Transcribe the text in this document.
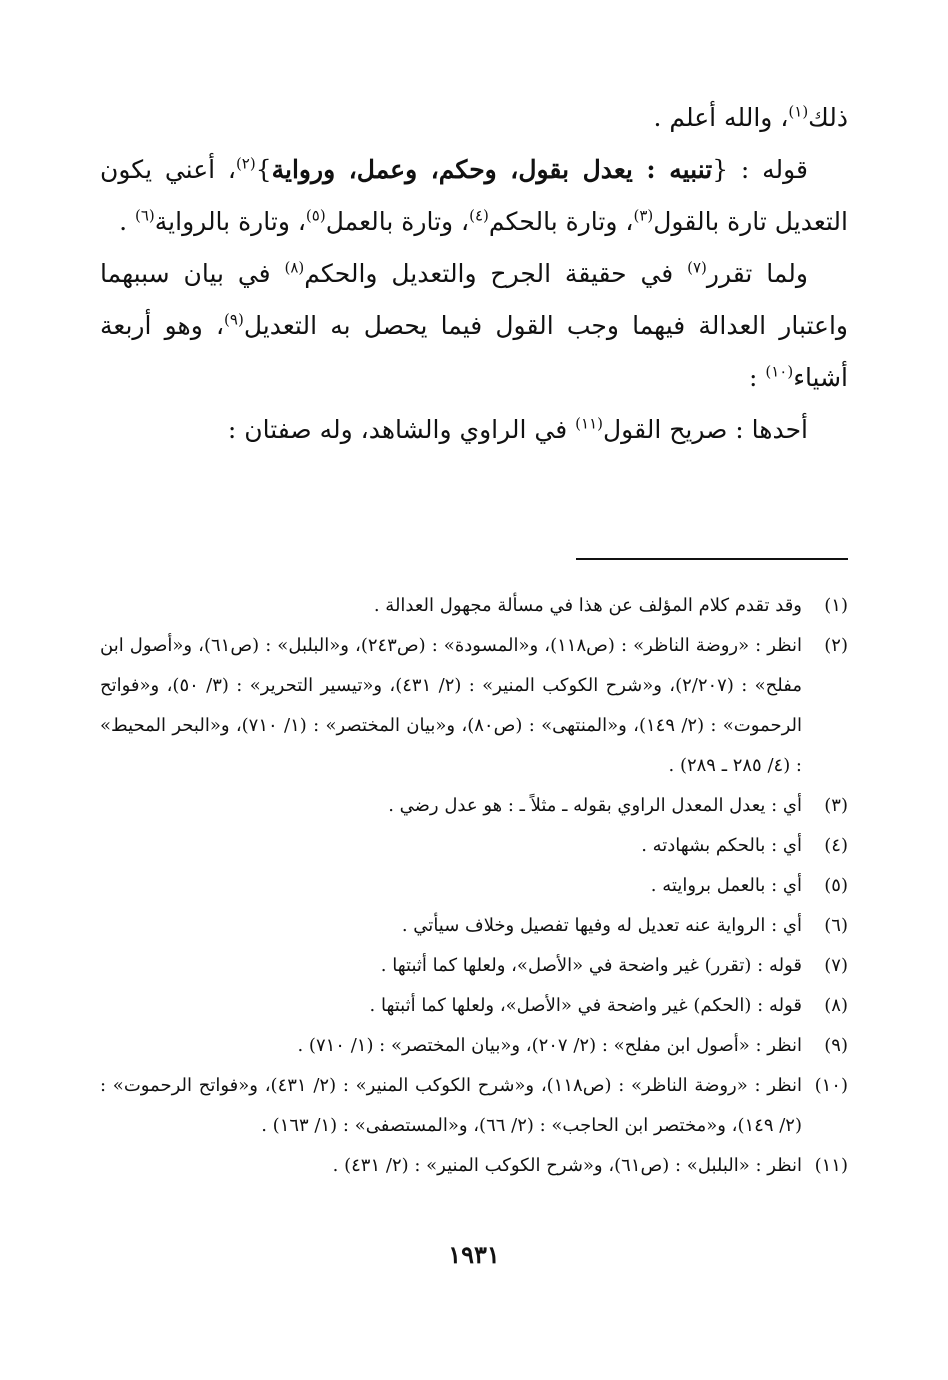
ذلك$^{(١)}$، والله أعلم .

قوله : {تنبيه : يعدل بقول، وحكم، وعمل، ورواية}$^{(٢)}$، أعني يكون التعديل تارة بالقول$^{(٣)}$، وتارة بالحكم$^{(٤)}$، وتارة بالعمل$^{(٥)}$، وتارة بالرواية$^{(٦)}$ .

ولما تقرر$^{(٧)}$ في حقيقة الجرح والتعديل والحكم$^{(٨)}$ في بيان سببهما واعتبار العدالة فيهما وجب القول فيما يحصل به التعديل$^{(٩)}$، وهو أربعة أشياء$^{(١٠)}$ :

أحدها : صريح القول$^{(١١)}$ في الراوي والشاهد، وله صفتان :

(١)
وقد تقدم كلام المؤلف عن هذا في مسألة مجهول العدالة .
(٢)
انظر : «روضة الناظر» : (ص١١٨)، و«المسودة» : (ص٢٤٣)، و«البلبل» : (ص٦١)، و«أصول ابن مفلح» : (٢/٢٠٧)، و«شرح الكوكب المنير» : (٢/ ٤٣١)، و«تيسير التحرير» : (٣/ ٥٠)، و«فواتح الرحموت» : (٢/ ١٤٩)، و«المنتهى» : (ص٨٠)، و«بيان المختصر» : (١/ ٧١٠)، و«البحر المحيط» : (٤/ ٢٨٥ ـ ٢٨٩) .
(٣)
أي : يعدل المعدل الراوي بقوله ـ مثلاً ـ : هو عدل رضي .
(٤)
أي : بالحكم بشهادته .
(٥)
أي : بالعمل بروايته .
(٦)
أي : الرواية عنه تعديل له وفيها تفصيل وخلاف سيأتي .
(٧)
قوله : (تقرر) غير واضحة في «الأصل»، ولعلها كما أثبتها .
(٨)
قوله : (الحكم) غير واضحة في «الأصل»، ولعلها كما أثبتها .
(٩)
انظر : «أصول ابن مفلح» : (٢/ ٢٠٧)، و«بيان المختصر» : (١/ ٧١٠) .
(١٠)
انظر : «روضة الناظر» : (ص١١٨)، و«شرح الكوكب المنير» : (٢/ ٤٣١)، و«فواتح الرحموت» : (٢/ ١٤٩)، و«مختصر ابن الحاجب» : (٢/ ٦٦)، و«المستصفى» : (١/ ١٦٣) .
(١١)
انظر : «البلبل» : (ص٦١)، و«شرح الكوكب المنير» : (٢/ ٤٣١) .
١٩٣١
